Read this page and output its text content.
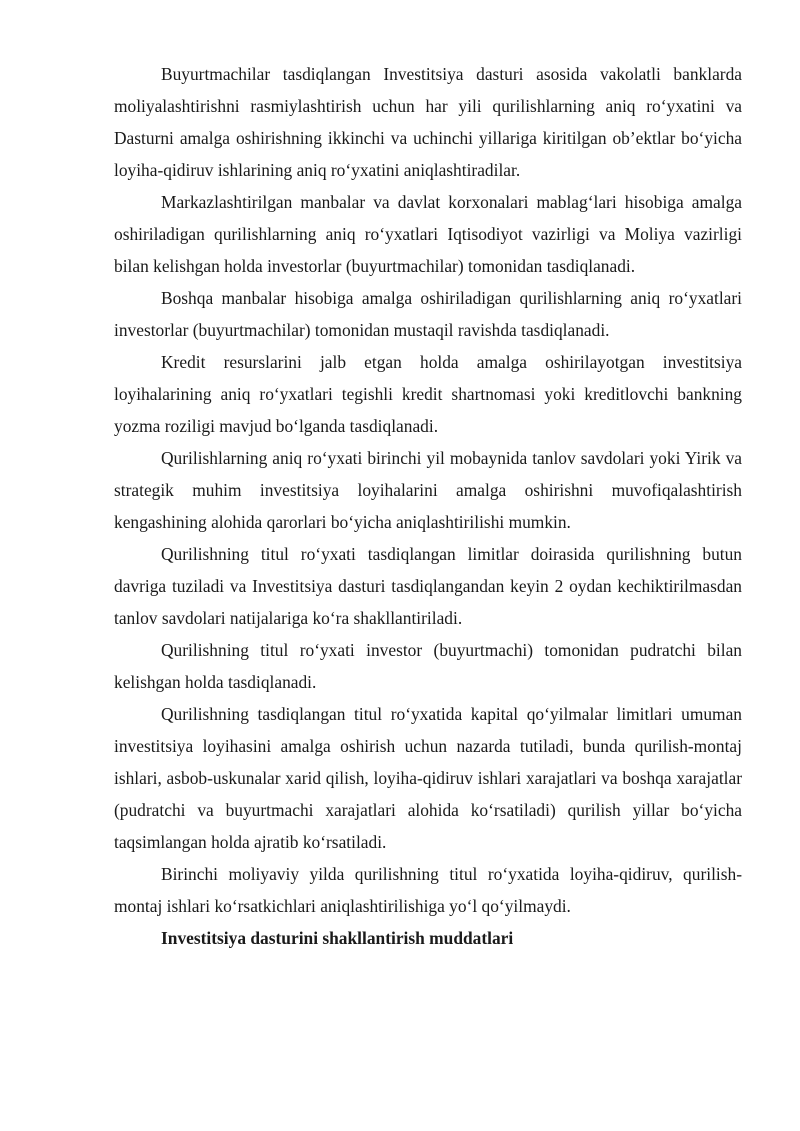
Buyurtmachilar tasdiqlangan Investitsiya dasturi asosida vakolatli banklarda moliyalashtirishni rasmiylashtirish uchun har yili qurilishlarning aniq ro‘yxatini va Dasturni amalga oshirishning ikkinchi va uchinchi yillariga kiritilgan ob’ektlar bo‘yicha loyiha-qidiruv ishlarining aniq ro‘yxatini aniqlashtiradilar.

Markazlashtirilgan manbalar va davlat korxonalari mablag‘lari hisobiga amalga oshiriladigan qurilishlarning aniq ro‘yxatlari Iqtisodiyot vazirligi va Moliya vazirligi bilan kelishgan holda investorlar (buyurtmachilar) tomonidan tasdiqlanadi.

Boshqa manbalar hisobiga amalga oshiriladigan qurilishlarning aniq ro‘yxatlari investorlar (buyurtmachilar) tomonidan mustaqil ravishda tasdiqlanadi.

Kredit resurslarini jalb etgan holda amalga oshirilayotgan investitsiya loyihalarining aniq ro‘yxatlari tegishli kredit shartnomasi yoki kreditlovchi bankning yozma roziligi mavjud bo‘lganda tasdiqlanadi.

Qurilishlarning aniq ro‘yxati birinchi yil mobaynida tanlov savdolari yoki Yirik va strategik muhim investitsiya loyihalarini amalga oshirishni muvofiqalashtirish kengashining alohida qarorlari bo‘yicha aniqlashtirilishi mumkin.

Qurilishning titul ro‘yxati tasdiqlangan limitlar doirasida qurilishning butun davriga tuziladi va Investitsiya dasturi tasdiqlangandan keyin 2 oydan kechiktirilmasdan tanlov savdolari natijalariga ko‘ra shakllantiriladi.

Qurilishning titul ro‘yxati investor (buyurtmachi) tomonidan pudratchi bilan kelishgan holda tasdiqlanadi.

Qurilishning tasdiqlangan titul ro‘yxatida kapital qo‘yilmalar limitlari umuman investitsiya loyihasini amalga oshirish uchun nazarda tutiladi, bunda qurilish-montaj ishlari, asbob-uskunalar xarid qilish, loyiha-qidiruv ishlari xarajatlari va boshqa xarajatlar (pudratchi va buyurtmachi xarajatlari alohida ko‘rsatiladi) qurilish yillar bo‘yicha taqsimlangan holda ajratib ko‘rsatiladi.

Birinchi moliyaviy yilda qurilishning titul ro‘yxatida loyiha-qidiruv, qurilish-montaj ishlari ko‘rsatkichlari aniqlashtirilishiga yo‘l qo‘yilmaydi.

Investitsiya dasturini shakllantirish muddatlari
